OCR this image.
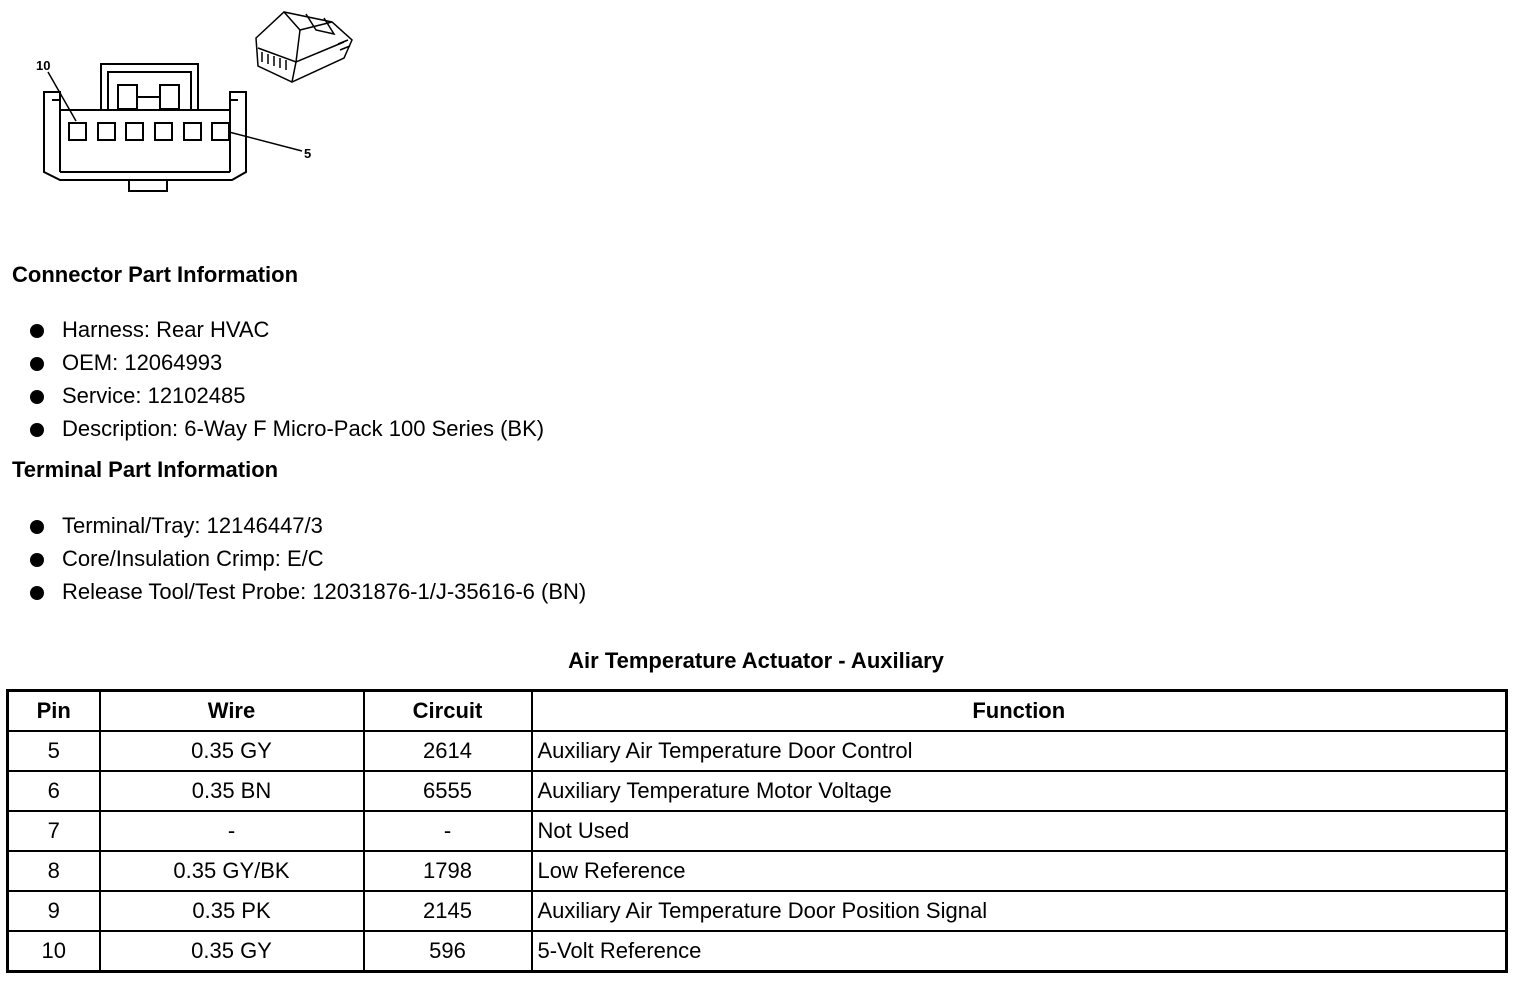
10
5
Connector Part Information
Harness: Rear HVAC
OEM: 12064993
Service: 12102485
Description: 6-Way F Micro-Pack 100 Series (BK)
Terminal Part Information
Terminal/Tray: 12146447/3
Core/Insulation Crimp: E/C
Release Tool/Test Probe: 12031876-1/J-35616-6 (BN)
Air Temperature Actuator - Auxiliary
Pin	Wire	Circuit	Function
5	0.35 GY	2614	Auxiliary Air Temperature Door Control
6	0.35 BN	6555	Auxiliary Temperature Motor Voltage
7	-	-	Not Used
8	0.35 GY/BK	1798	Low Reference
9	0.35 PK	2145	Auxiliary Air Temperature Door Position Signal
10	0.35 GY	596	5-Volt Reference
